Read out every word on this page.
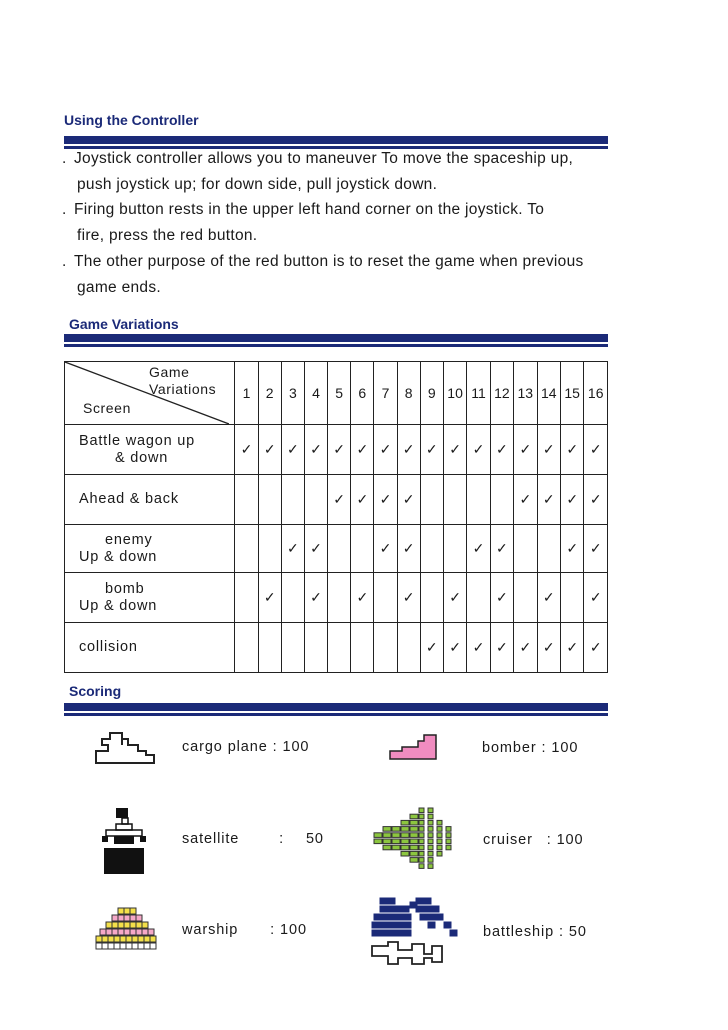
Using the Controller
. Joystick controller allows you to maneuver To move the spaceship up,
push joystick up; for down side, pull joystick down.
. Firing button rests in the upper left hand corner on the joystick. To
fire, press the red button.
. The other purpose of the red button is to reset the game when previous
game ends.
Game Variations
Game
Variations
Screen	1	2	3	4	5	6	7	8	9	10	11	12	13	14	15	16

Battle wagon up
& down	✓	✓	✓	✓	✓	✓	✓	✓	✓	✓	✓	✓	✓	✓	✓	✓

Ahead & back					✓	✓	✓	✓					✓	✓	✓	✓

enemy
Up & down			✓	✓			✓	✓			✓	✓			✓	✓

bomb
Up & down		✓		✓		✓		✓		✓		✓		✓		✓

collision									✓	✓	✓	✓	✓	✓	✓	✓
Scoring
cargo plane : 100	bomber : 100
satellite	: 50	cruiser : 100
warship : 100	battleship : 50
